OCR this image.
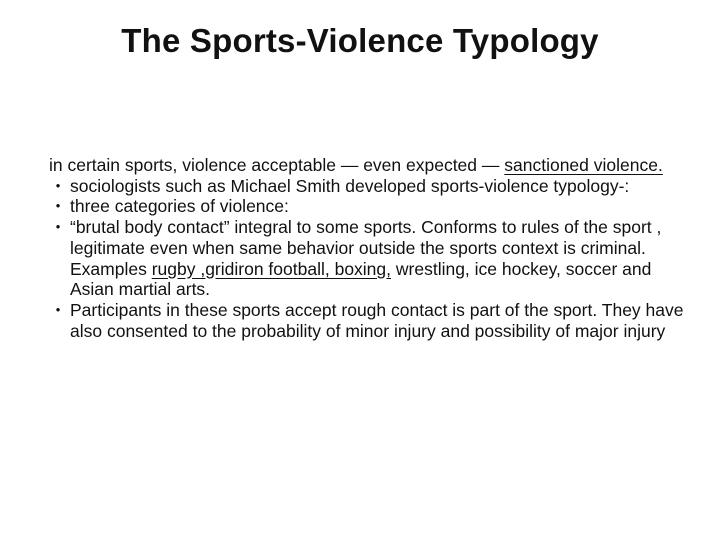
The Sports-Violence Typology

in certain sports, violence acceptable — even expected — sanctioned violence.

• sociologists such as Michael Smith developed sports-violence typology-:

• three categories of violence:

• “brutal body contact” integral to some sports. Conforms to rules of the sport , legitimate even when same behavior outside the sports context is criminal.
Examples rugby ,gridiron football, boxing, wrestling, ice hockey, soccer and Asian martial arts.

• Participants in these sports accept rough contact is part of the sport. They have also consented to the probability of minor injury and possibility of major injury
